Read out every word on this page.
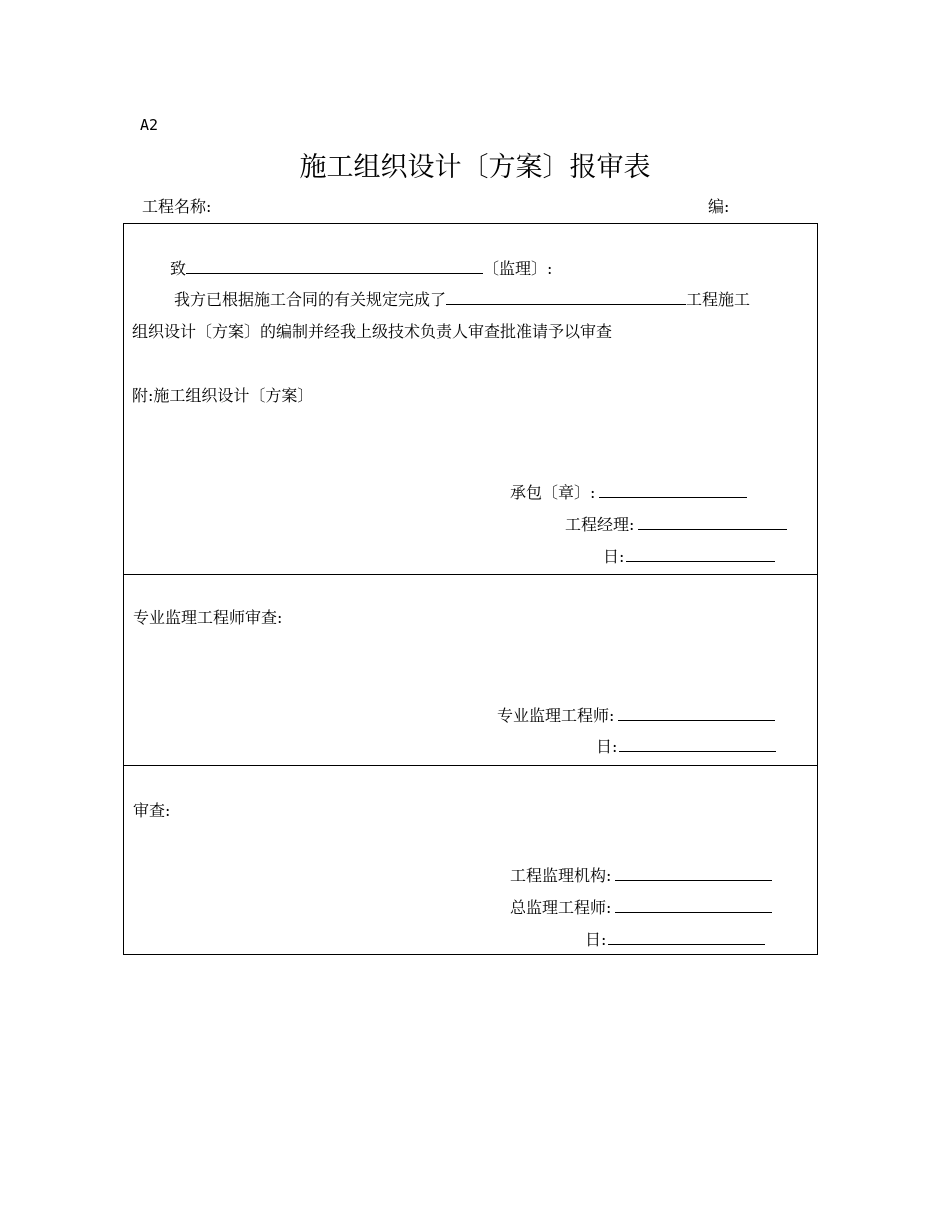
A2
施工组织设计〔方案〕报审表
工程名称:	编:
致	〔监理〕:
我方已根据施工合同的有关规定完成了	工程施工
组织设计〔方案〕的编制并经我上级技术负责人审查批准请予以审查
附:施工组织设计〔方案〕
承包〔章〕:
工程经理:
日:
专业监理工程师审查:
专业监理工程师:
日:
审查:
工程监理机构:
总监理工程师:
日:
